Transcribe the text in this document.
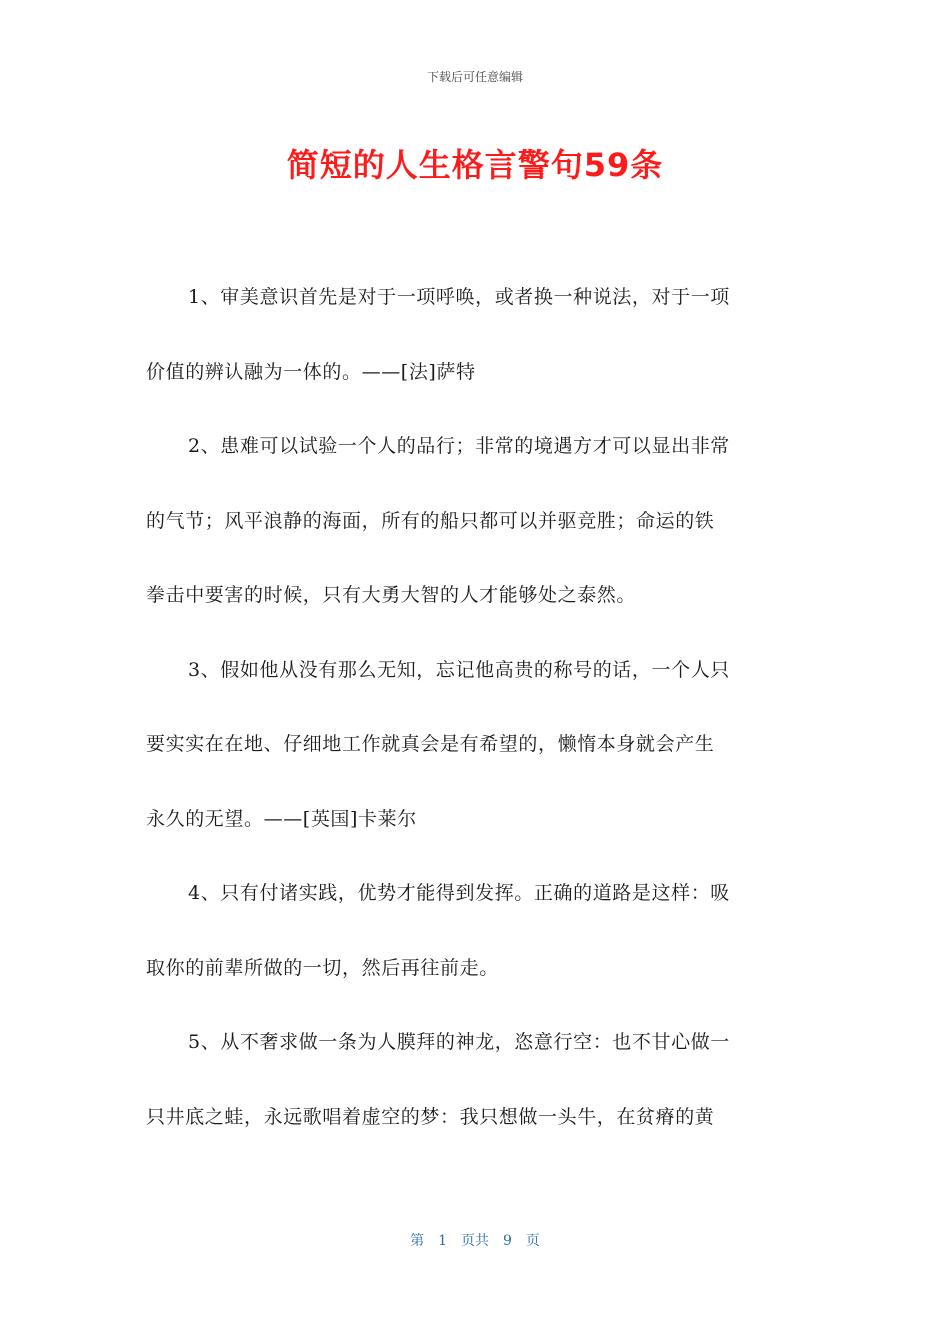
下载后可任意编辑
简短的人生格言警句59条
1、审美意识首先是对于一项呼唤，或者换一种说法，对于一项
价值的辨认融为一体的。——[法]萨特
2、患难可以试验一个人的品行；非常的境遇方才可以显出非常
的气节；风平浪静的海面，所有的船只都可以并驱竞胜；命运的铁
拳击中要害的时候，只有大勇大智的人才能够处之泰然。
3、假如他从没有那么无知，忘记他高贵的称号的话，一个人只
要实实在在地、仔细地工作就真会是有希望的，懒惰本身就会产生
永久的无望。——[英国]卡莱尔
4、只有付诸实践，优势才能得到发挥。正确的道路是这样：吸
取你的前辈所做的一切，然后再往前走。
5、从不奢求做一条为人膜拜的神龙，恣意行空：也不甘心做一
只井底之蛙，永远歌唱着虚空的梦：我只想做一头牛，在贫瘠的黄
第　1　页共　9　页
